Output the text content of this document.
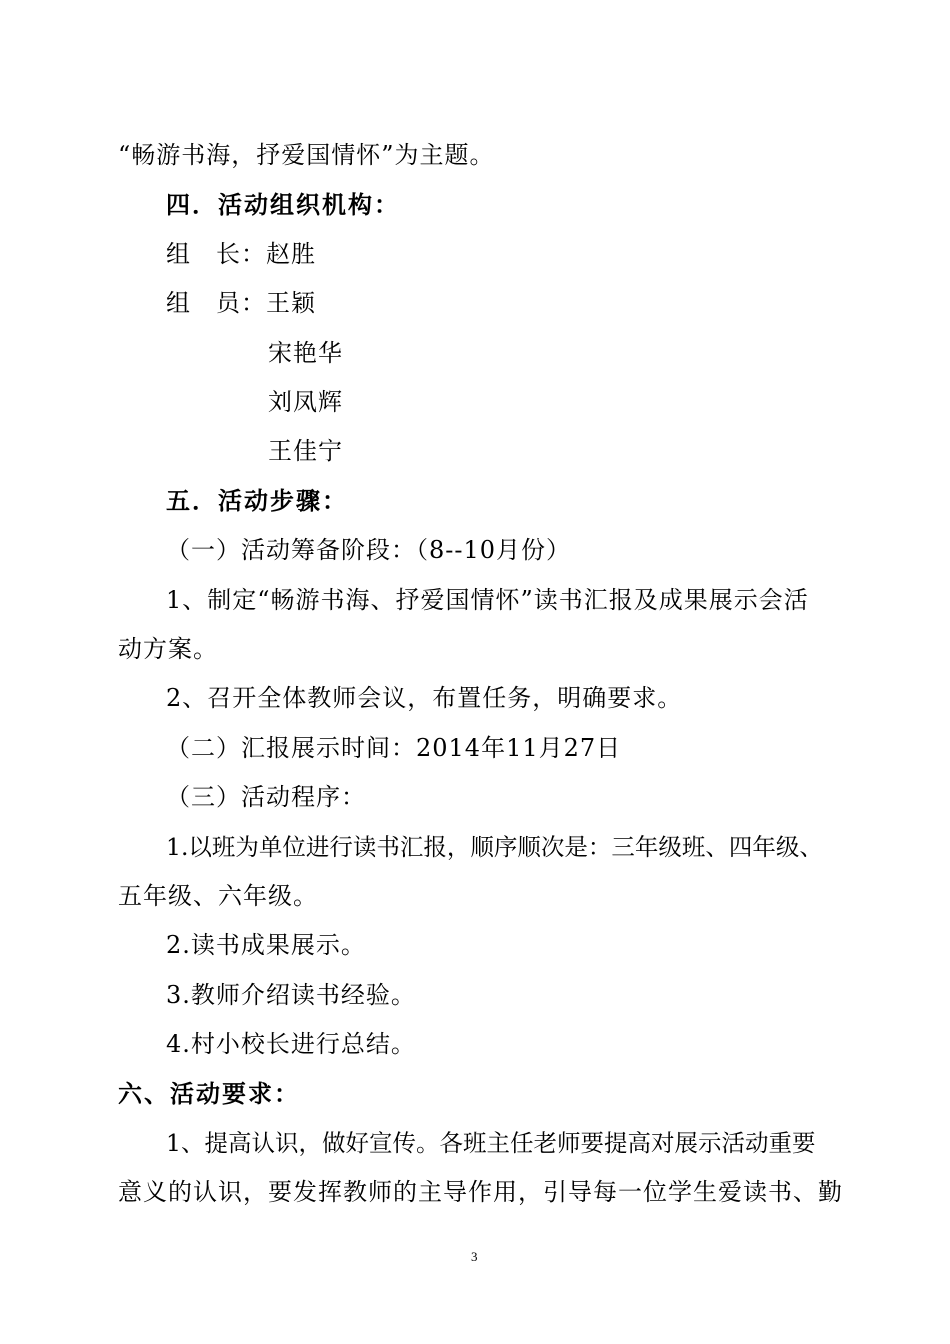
“畅游书海，抒爱国情怀”为主题。
四．活动组织机构：
组　长：赵胜
组　员：王颖
宋艳华
刘凤辉
王佳宁
五．活动步骤：
（一）活动筹备阶段：（8--10月份）
1、制定“畅游书海、抒爱国情怀”读书汇报及成果展示会活
动方案。
2、召开全体教师会议，布置任务，明确要求。
（二）汇报展示时间：2014年11月27日
（三）活动程序：
1.以班为单位进行读书汇报，顺序顺次是：三年级班、四年级、
五年级、六年级。
2.读书成果展示。
3.教师介绍读书经验。
4.村小校长进行总结。
六、活动要求：
1、提高认识，做好宣传。各班主任老师要提高对展示活动重要
意义的认识，要发挥教师的主导作用，引导每一位学生爱读书、勤
3
